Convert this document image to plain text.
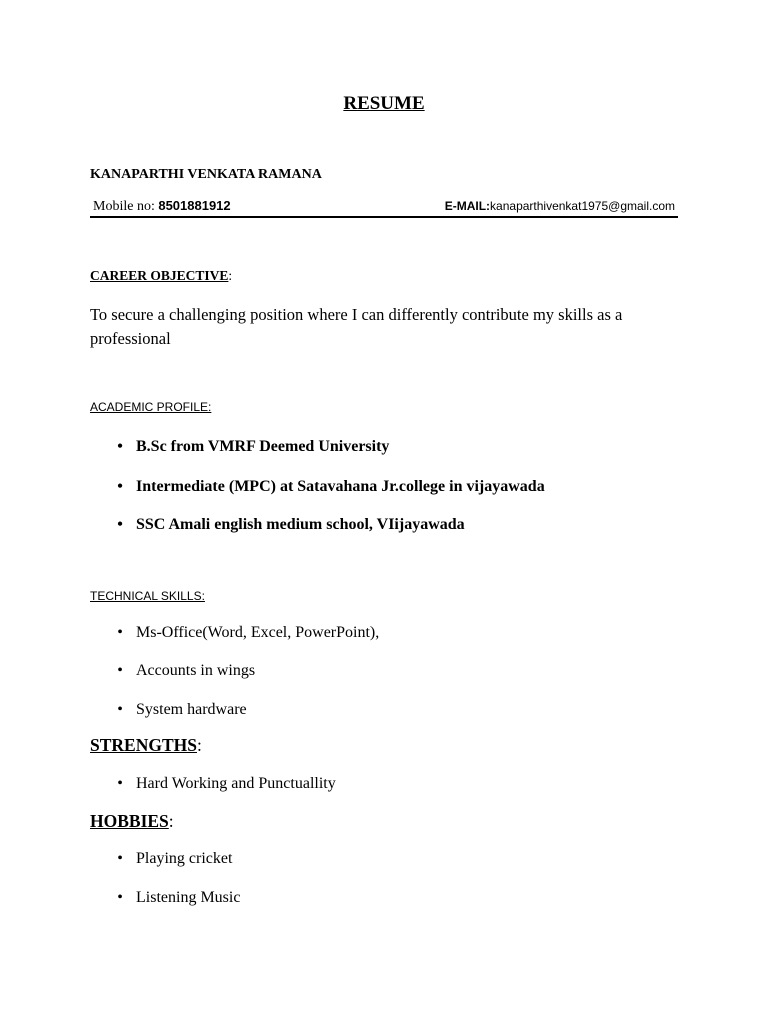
RESUME
KANAPARTHI VENKATA RAMANA
Mobile no: 8501881912	E-MAIL:kanaparthivenkat1975@gmail.com
CAREER OBJECTIVE:
To secure a challenging position where I can differently contribute my skills as a professional
ACADEMIC PROFILE:
• B.Sc from VMRF Deemed University
• Intermediate (MPC) at Satavahana Jr.college in vijayawada
• SSC Amali english medium school, VIijayawada
TECHNICAL SKILLS:
• Ms-Office(Word, Excel, PowerPoint),
• Accounts in wings
• System hardware
STRENGTHS:
• Hard Working and Punctuallity
HOBBIES:
• Playing cricket
• Listening Music
